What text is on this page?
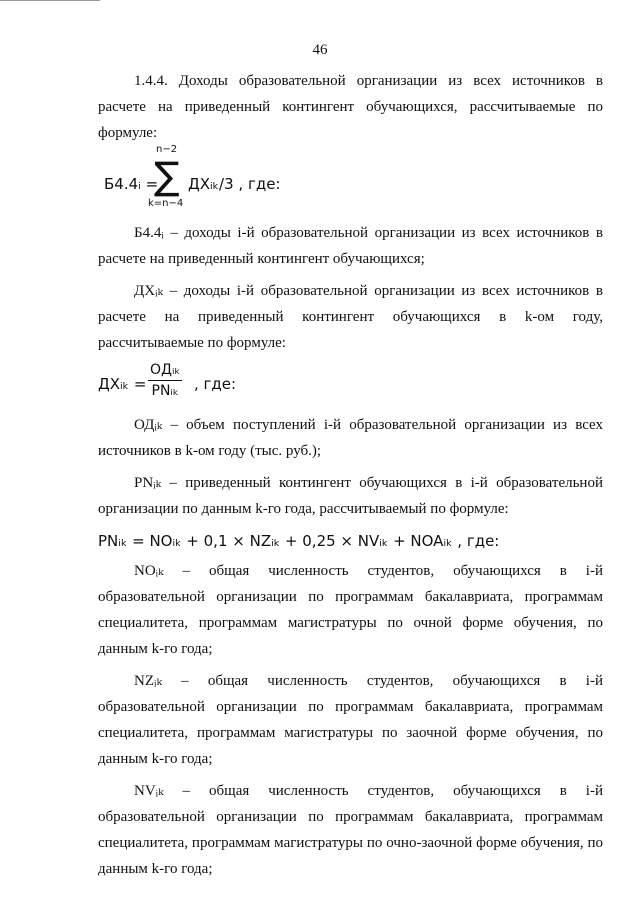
46

1.4.4. Доходы образовательной организации из всех источников в расчете на приведенный контингент обучающихся, рассчитываемые по формуле:

Б4.4ᵢ =
n−2
∑
k=n−4
ДХᵢₖ/3 , где:

Б4.4ᵢ – доходы i-й образовательной организации из всех источников в расчете на приведенный контингент обучающихся;

ДХᵢₖ – доходы i-й образовательной организации из всех источников в расчете на приведенный контингент обучающихся в k-ом году, рассчитываемые по формуле:

ДХᵢₖ =
ОДᵢₖ
PNᵢₖ , где:

ОДᵢₖ – объем поступлений i-й образовательной организации из всех источников в k-ом году (тыс. руб.);

PNᵢₖ – приведенный контингент обучающихся в i-й образовательной организации по данным k-го года, рассчитываемый по формуле:

PNᵢₖ = NOᵢₖ + 0,1 × NZᵢₖ + 0,25 × NVᵢₖ + NOAᵢₖ , где:

NOᵢₖ – общая численность студентов, обучающихся в i-й образовательной организации по программам бакалавриата, программам специалитета, программам магистратуры по очной форме обучения, по данным k-го года;

NZᵢₖ – общая численность студентов, обучающихся в i-й образовательной организации по программам бакалавриата, программам специалитета, программам магистратуры по заочной форме обучения, по данным k-го года;

NVᵢₖ – общая численность студентов, обучающихся в i-й образовательной организации по программам бакалавриата, программам специалитета, программам магистратуры по очно-заочной форме обучения, по данным k-го года;
